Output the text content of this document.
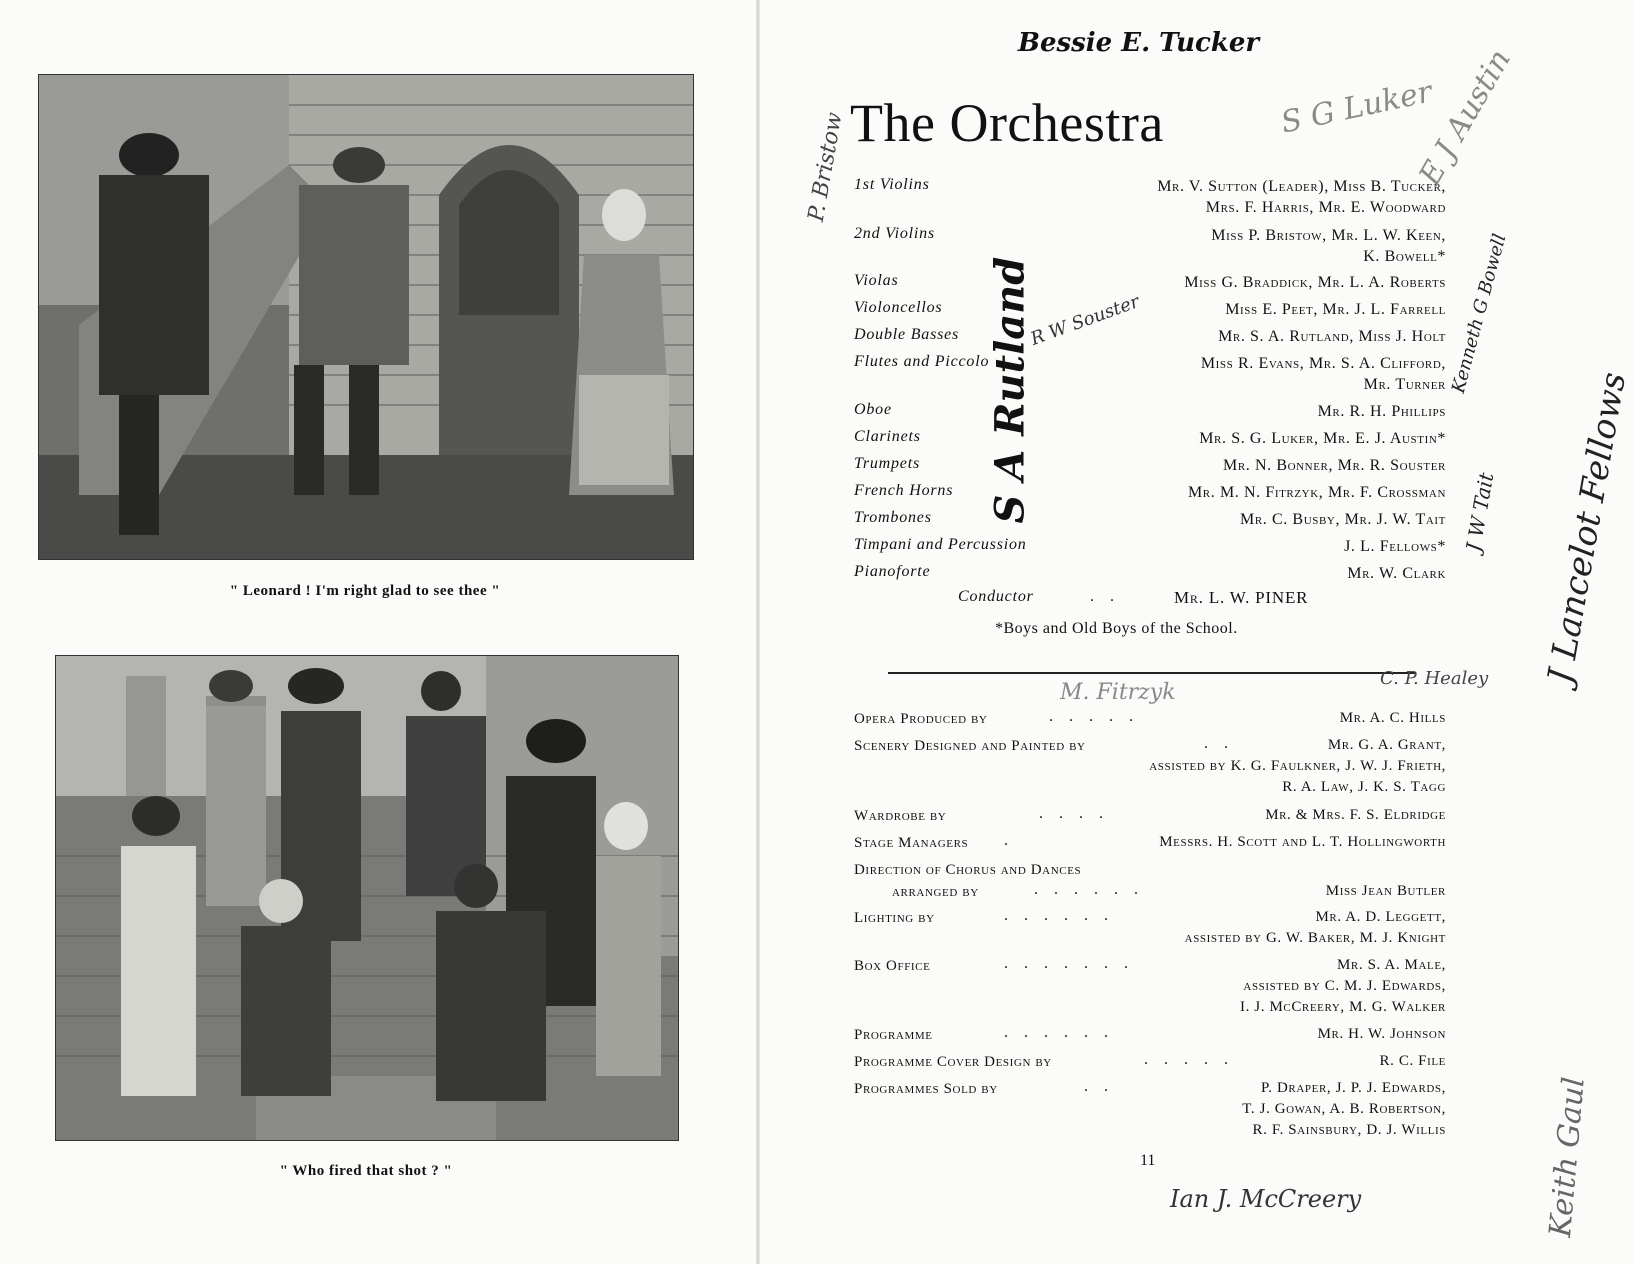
" Leonard ! I'm right glad to see thee "
" Who fired that shot ? "
The Orchestra
1st Violins	Mr. V. Sutton (Leader), Miss B. Tucker,
Mrs. F. Harris, Mr. E. Woodward
2nd Violins	Miss P. Bristow, Mr. L. W. Keen,
K. Bowell*
Violas	Miss G. Braddick, Mr. L. A. Roberts
Violoncellos	Miss E. Peet, Mr. J. L. Farrell
Double Basses	Mr. S. A. Rutland, Miss J. Holt
Flutes and Piccolo	Miss R. Evans, Mr. S. A. Clifford,
Mr. Turner
Oboe	Mr. R. H. Phillips
Clarinets	Mr. S. G. Luker, Mr. E. J. Austin*
Trumpets	Mr. N. Bonner, Mr. R. Souster
French Horns	Mr. M. N. Fitrzyk, Mr. F. Crossman
Trombones	Mr. C. Busby, Mr. J. W. Tait
Timpani and Percussion	J. L. Fellows*
Pianoforte	Mr. W. Clark
Conductor	. .	Mr. L. W. PINER
*Boys and Old Boys of the School.
Opera Produced by	. . . . .	Mr. A. C. Hills
Scenery Designed and Painted by	. .	Mr. G. A. Grant,
assisted by K. G. Faulkner, J. W. J. Frieth,
R. A. Law, J. K. S. Tagg
Wardrobe by	. . . .	Mr. & Mrs. F. S. Eldridge
Stage Managers .	Messrs. H. Scott and L. T. Hollingworth
Direction of Chorus and Dances
arranged by	. . . . . .	Miss Jean Butler
Lighting by	. . . . . .	Mr. A. D. Leggett,
assisted by G. W. Baker, M. J. Knight
Box Office	. . . . . . .	Mr. S. A. Male,
assisted by C. M. J. Edwards,
I. J. McCreery, M. G. Walker
Programme	. . . . . .	Mr. H. W. Johnson
Programme Cover Design by	. . . . .	R. C. File
Programmes Sold by	. .	P. Draper, J. P. J. Edwards,
T. J. Gowan, A. B. Robertson,
R. F. Sainsbury, D. J. Willis
11
Bessie E. Tucker
P. Bristow
S G Luker
E J Austin
S A Rutland
R W Souster	Kenneth G Bowell
J W Tait J Lancelot Fellows
C. P. Healey
M. Fitrzyk
Ian J. McCreery	Keith Gaul
